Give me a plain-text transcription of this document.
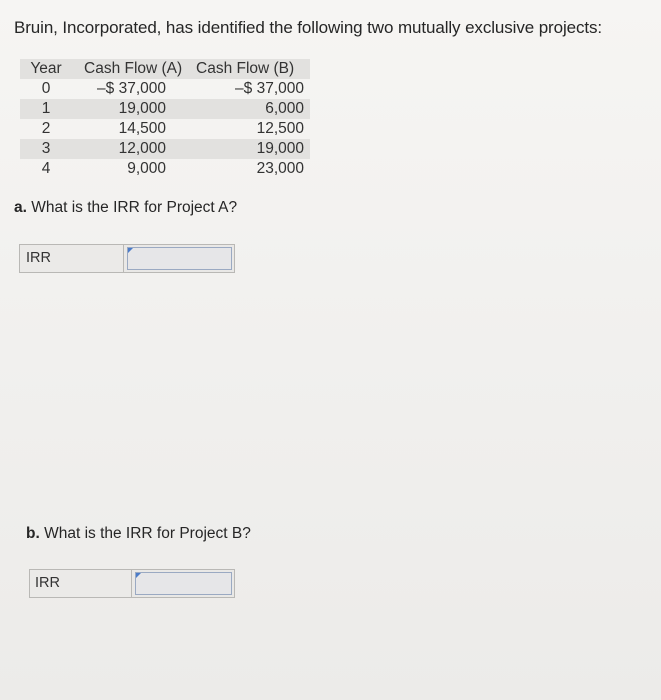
Bruin, Incorporated, has identified the following two mutually exclusive projects:
Year	Cash Flow (A)	Cash Flow (B)
0	–$ 37,000	–$ 37,000
1	19,000	6,000
2	14,500	12,500
3	12,000	19,000
4	9,000	23,000
a. What is the IRR for Project A?
IRR
b. What is the IRR for Project B?
IRR
